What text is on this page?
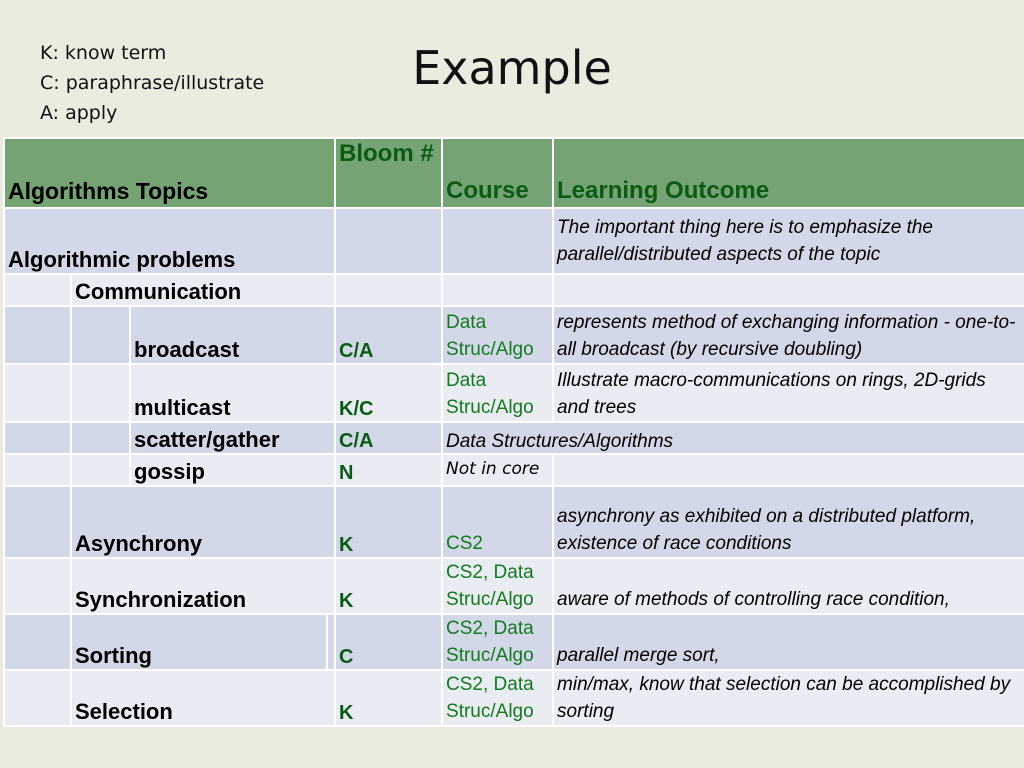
K: know term
C: paraphrase/illustrate
A: apply
Example
Algorithms Topics				Bloom #	Course	Learning Outcome
Algorithmic problems						The important thing here is to emphasize the parallel/distributed aspects of the topic
	Communication					
		broadcast		C/A	Data Struc/Algo	represents method of exchanging information - one-to-all broadcast (by recursive doubling)
		multicast		K/C	Data Struc/Algo	Illustrate macro-communications on rings, 2D-grids and trees
		scatter/gather		C/A	Data Structures/Algorithms	
		gossip		N	Not in core	
	Asynchrony			K	CS2	asynchrony as exhibited on a distributed platform, existence of race conditions
	Synchronization			K	CS2, Data Struc/Algo	aware of methods of controlling race condition,
	Sorting			C	CS2, Data Struc/Algo	parallel merge sort,
	Selection			K	CS2, Data Struc/Algo	min/max, know that selection can be accomplished by sorting
